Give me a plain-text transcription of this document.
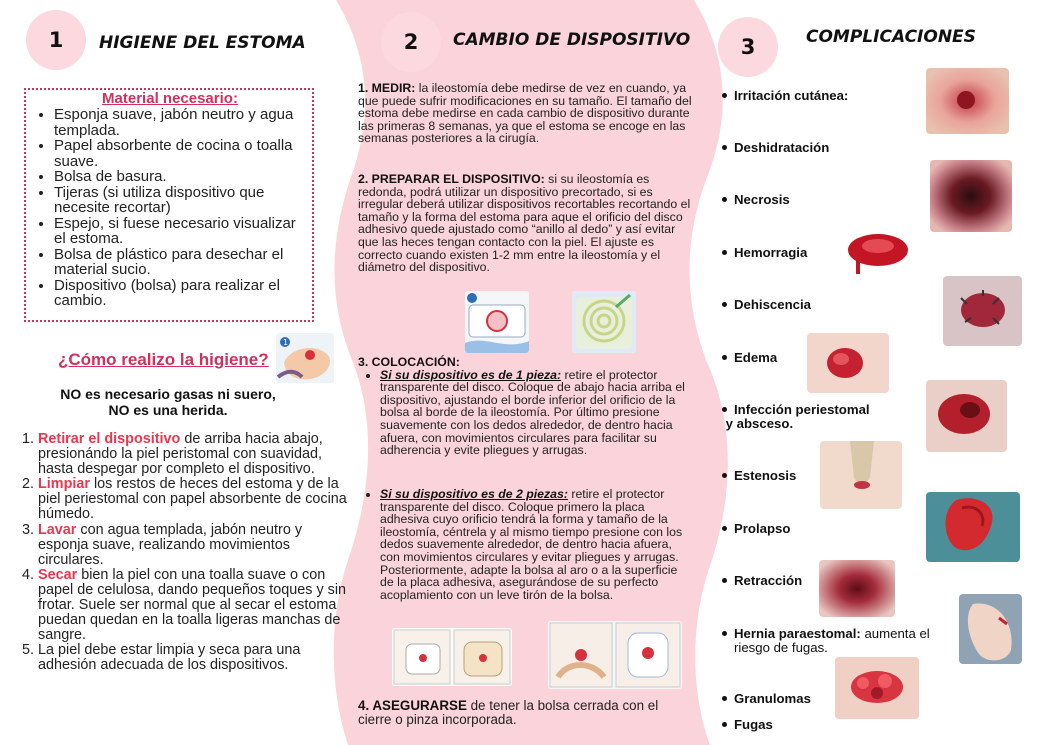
1 HIGIENE DEL ESTOMA
Material necesario:
• Esponja suave, jabón neutro y agua templada.
• Papel absorbente de cocina o toalla suave.
• Bolsa de basura.
• Tijeras (si utiliza dispositivo que necesite recortar)
• Espejo, si fuese necesario visualizar el estoma.
• Bolsa de plástico para desechar el material sucio.
• Dispositivo (bolsa) para realizar el cambio.
¿Cómo realizo la higiene?
1
NO es necesario gasas ni suero,
NO es una herida.
1. Retirar el dispositivo de arriba hacia abajo, presionándo la piel peristomal con suavidad, hasta despegar por completo el dispositivo.
2. Limpiar los restos de heces del estoma y de la piel periestomal con papel absorbente de cocina húmedo.
3. Lavar con agua templada, jabón neutro y esponja suave, realizando movimientos circulares.
4. Secar bien la piel con una toalla suave o con papel de celulosa, dando pequeños toques y sin frotar. Suele ser normal que al secar el estoma puedan quedan en la toalla ligeras manchas de sangre.
5. La piel debe estar limpia y seca para una adhesión adecuada de los dispositivos.
2 CAMBIO DE DISPOSITIVO

1. MEDIR: la ileostomía debe medirse de vez en cuando, ya que puede sufrir modificaciones en su tamaño. El tamaño del estoma debe medirse en cada cambio de dispositivo durante las primeras 8 semanas, ya que el estoma se encoge en las semanas posteriores a la cirugía.

2. PREPARAR EL DISPOSITIVO: si su ileostomía es redonda, podrá utilizar un dispositivo precortado, si es irregular deberá utilizar dispositivos recortables recortando el tamaño y la forma del estoma para aque el orificio del disco adhesivo quede ajustado como “anillo al dedo” y así evitar que las heces tengan contacto con la piel. El ajuste es correcto cuando existen 1-2 mm entre la ileostomía y el diámetro del dispositivo.

3. COLOCACIÓN:

• Si su dispositivo es de 1 pieza: retire el protector transparente del disco. Coloque de abajo hacia arriba el dispositivo, ajustando el borde inferior del orificio de la bolsa al borde de la ileostomía. Por último presione suavemente con los dedos alrededor, de dentro hacia afuera, con movimientos circulares para facilitar su adherencia y evite pliegues y arrugas.
• Si su dispositivo es de 2 piezas: retire el protector transparente del disco. Coloque primero la placa adhesiva cuyo orificio tendrá la forma y tamaño de la ileostomía, céntrela y al mismo tiempo presione con los dedos suavemente alrededor, de dentro hacia afuera, con movimientos circulares y evitar pliegues y arrugas. Posteriormente, adapte la bolsa al aro o a la superficie de la placa adhesiva, asegurándose de su perfecto acoplamiento con un leve tirón de la bolsa.

4. ASEGURARSE de tener la bolsa cerrada con el cierre o pinza incorporada.

3	COMPLICACIONES
Irritación cutánea:
Deshidratación
Necrosis
Hemorragia
Dehiscencia
Edema
Infección periestomal
y absceso.
Estenosis
Prolapso
Retracción
Hernia paraestomal: aumenta el
riesgo de fugas.
Granulomas
Fugas
